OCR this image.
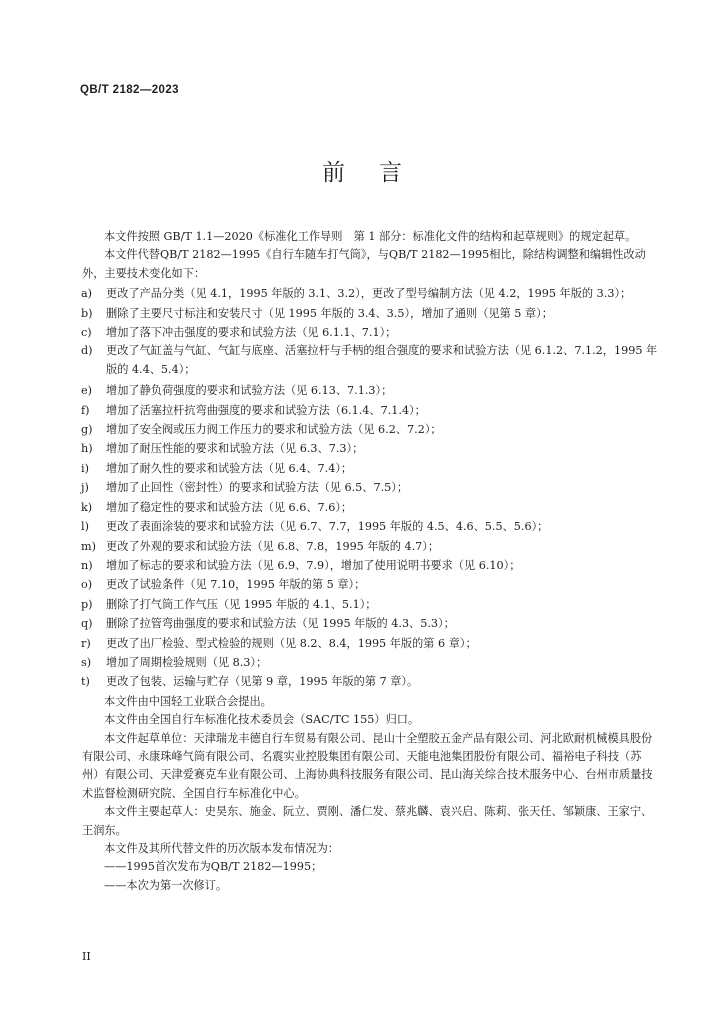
QB/T 2182—2023
前言

本文件按照 GB/T 1.1—2020《标准化工作导则　第 1 部分：标准化文件的结构和起草规则》的规定起草。

本文件代替QB/T 2182—1995《自行车随车打气筒》，与QB/T 2182—1995相比，除结构调整和编辑性改动外，主要技术变化如下：

a)	更改了产品分类（见 4.1，1995 年版的 3.1、3.2），更改了型号编制方法（见 4.2，1995 年版的 3.3）；
b)	删除了主要尺寸标注和安装尺寸（见 1995 年版的 3.4、3.5），增加了通则（见第 5 章）；
c)	增加了落下冲击强度的要求和试验方法（见 6.1.1、7.1）；
d)	更改了气缸盖与气缸、气缸与底座、活塞拉杆与手柄的组合强度的要求和试验方法（见 6.1.2、7.1.2，1995 年版的 4.4、5.4）；
e)	增加了静负荷强度的要求和试验方法（见 6.13、7.1.3）；
f)	增加了活塞拉杆抗弯曲强度的要求和试验方法（6.1.4、7.1.4）；
g)	增加了安全阀或压力阀工作压力的要求和试验方法（见 6.2、7.2）；
h)	增加了耐压性能的要求和试验方法（见 6.3、7.3）；
i)	增加了耐久性的要求和试验方法（见 6.4、7.4）；
j)	增加了止回性（密封性）的要求和试验方法（见 6.5、7.5）；
k)	增加了稳定性的要求和试验方法（见 6.6、7.6）；
l)	更改了表面涂装的要求和试验方法（见 6.7、7.7，1995 年版的 4.5、4.6、5.5、5.6）；
m) 更改了外观的要求和试验方法（见 6.8、7.8，1995 年版的 4.7）；
n)	增加了标志的要求和试验方法（见 6.9、7.9），增加了使用说明书要求（见 6.10）；
o)	更改了试验条件（见 7.10，1995 年版的第 5 章）；
p)	删除了打气筒工作气压（见 1995 年版的 4.1、5.1）；
q)	删除了拉管弯曲强度的要求和试验方法（见 1995 年版的 4.3、5.3）；
r)	更改了出厂检验、型式检验的规则（见 8.2、8.4，1995 年版的第 6 章）；
s)	增加了周期检验规则（见 8.3）；
t)	更改了包装、运输与贮存（见第 9 章，1995 年版的第 7 章）。

本文件由中国轻工业联合会提出。

本文件由全国自行车标准化技术委员会（SAC/TC 155）归口。

本文件起草单位：天津瑞龙丰德自行车贸易有限公司、昆山十全塑胶五金产品有限公司、河北欧耐机械模具股份有限公司、永康珠峰气筒有限公司、名震实业控股集团有限公司、天能电池集团股份有限公司、福裕电子科技（苏州）有限公司、天津爱赛克车业有限公司、上海协典科技服务有限公司、昆山海关综合技术服务中心、台州市质量技术监督检测研究院、全国自行车标准化中心。

本文件主要起草人：史昊东、施金、阮立、贾刚、潘仁发、蔡兆麟、袁兴启、陈莉、张天任、邹颖康、王家宁、王润东。

本文件及其所代替文件的历次版本发布情况为：

——1995首次发布为QB/T 2182—1995；

——本次为第一次修订。

II
